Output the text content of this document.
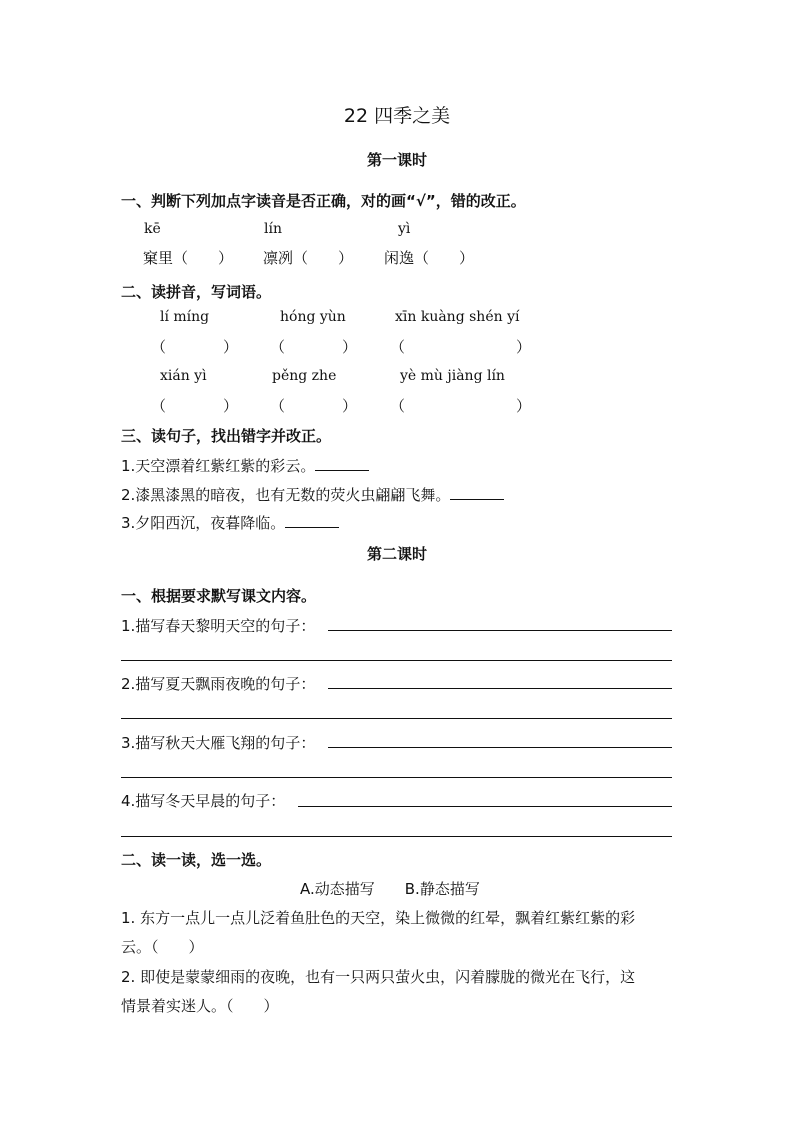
22 四季之美
第一课时
一、判断下列加点字读音是否正确，对的画“√”，错的改正。
kē	lín	yì
窠里（　　） 凛冽（　　） 闲逸（　　）
二、读拼音，写词语。
lí míng	hóng yùn	xīn kuàng shén yí
（	） （	） （	）
xián yì	pěng zhe	yè mù jiàng lín
（	） （	） （	）
三、读句子，找出错字并改正。
1.天空漂着红紫红紫的彩云。
2.漆黑漆黑的暗夜，也有无数的荧火虫翩翩飞舞。
3.夕阳西沉，夜暮降临。
第二课时
一、根据要求默写课文内容。
1.描写春天黎明天空的句子：
2.描写夏天飘雨夜晚的句子：
3.描写秋天大雁飞翔的句子：
4.描写冬天早晨的句子：
二、读一读，选一选。
A.动态描写　　B.静态描写
1. 东方一点儿一点儿泛着鱼肚色的天空，染上微微的红晕，飘着红紫红紫的彩
云。（　　）
2. 即使是蒙蒙细雨的夜晚，也有一只两只萤火虫，闪着朦胧的微光在飞行，这
情景着实迷人。（　　）
